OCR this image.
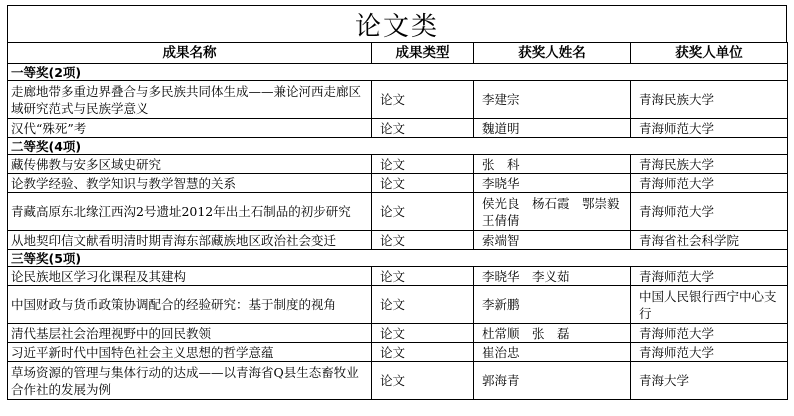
论文类
成果名称	成果类型	获奖人姓名	获奖人单位
一等奖(2项)			
走廊地带多重边界叠合与多民族共同体生成——兼论河西走廊区域研究范式与民族学意义	论文	李建宗	青海民族大学
汉代“殊死”考	论文	魏道明	青海师范大学
二等奖(4项)			
藏传佛教与安多区域史研究	论文	张　科	青海民族大学
论教学经验、教学知识与教学智慧的关系	论文	李晓华	青海师范大学
青藏高原东北缘江西沟2号遗址2012年出土石制品的初步研究	论文	侯光良　杨石霞　鄂崇毅　王倩倩	青海师范大学
从地契印信文献看明清时期青海东部藏族地区政治社会变迁	论文	索端智	青海省社会科学院
三等奖(5项)			
论民族地区学习化课程及其建构	论文	李晓华　李义茹	青海师范大学
中国财政与货币政策协调配合的经验研究：基于制度的视角	论文	李新鹏	中国人民银行西宁中心支行
清代基层社会治理视野中的回民教领	论文	杜常顺　张　磊	青海师范大学
习近平新时代中国特色社会主义思想的哲学意蕴	论文	崔治忠	青海师范大学
草场资源的管理与集体行动的达成——以青海省Q县生态畜牧业合作社的发展为例	论文	郭海青	青海大学
